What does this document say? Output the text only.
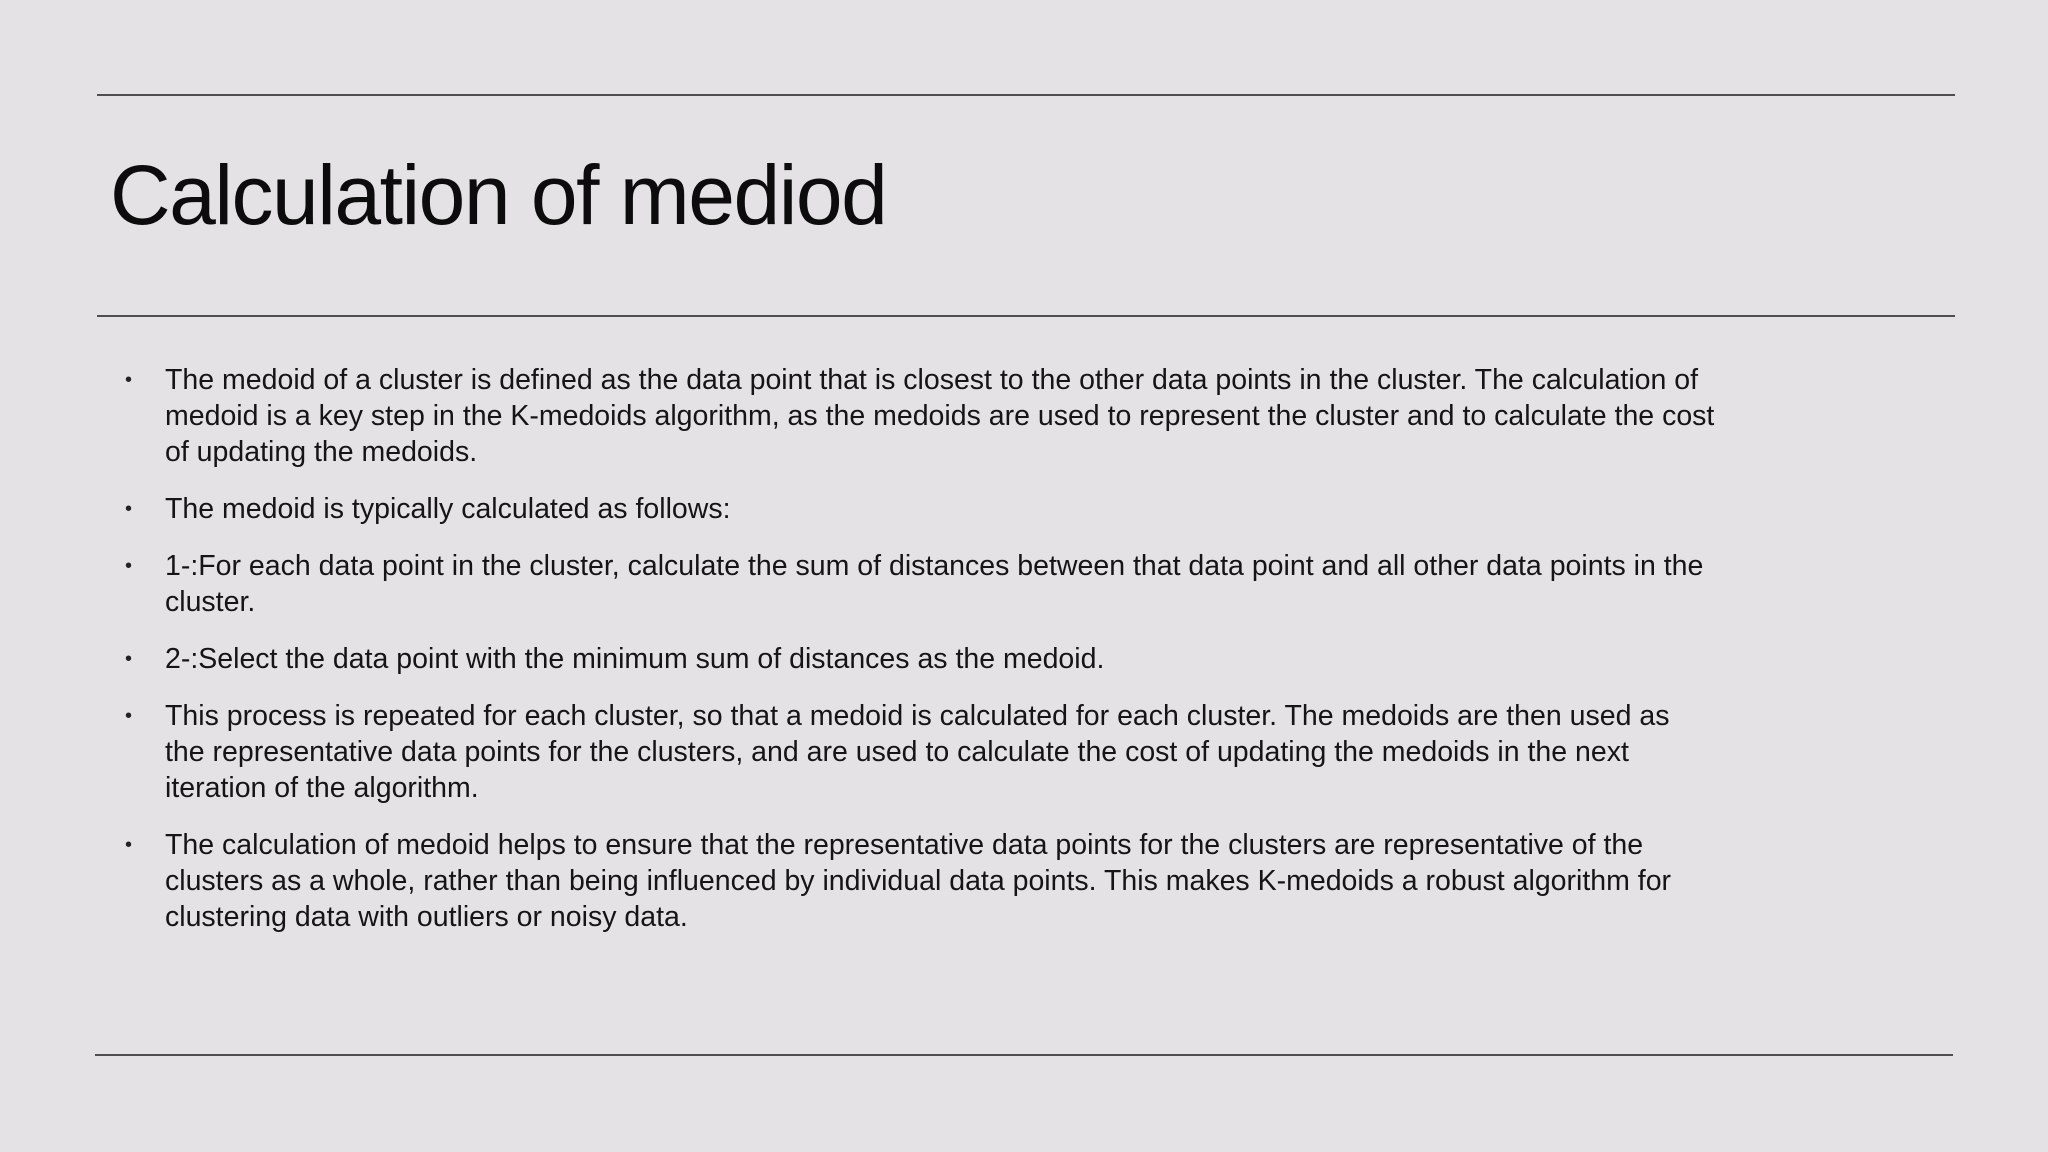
Calculation of mediod
• The medoid of a cluster is defined as the data point that is closest to the other data points in the cluster. The calculation of medoid is a key step in the K-medoids algorithm, as the medoids are used to represent the cluster and to calculate the cost of updating the medoids.
• The medoid is typically calculated as follows:
• 1-:For each data point in the cluster, calculate the sum of distances between that data point and all other data points in the cluster.
• 2-:Select the data point with the minimum sum of distances as the medoid.
• This process is repeated for each cluster, so that a medoid is calculated for each cluster. The medoids are then used as the representative data points for the clusters, and are used to calculate the cost of updating the medoids in the next iteration of the algorithm.
• The calculation of medoid helps to ensure that the representative data points for the clusters are representative of the clusters as a whole, rather than being influenced by individual data points. This makes K-medoids a robust algorithm for clustering data with outliers or noisy data.
